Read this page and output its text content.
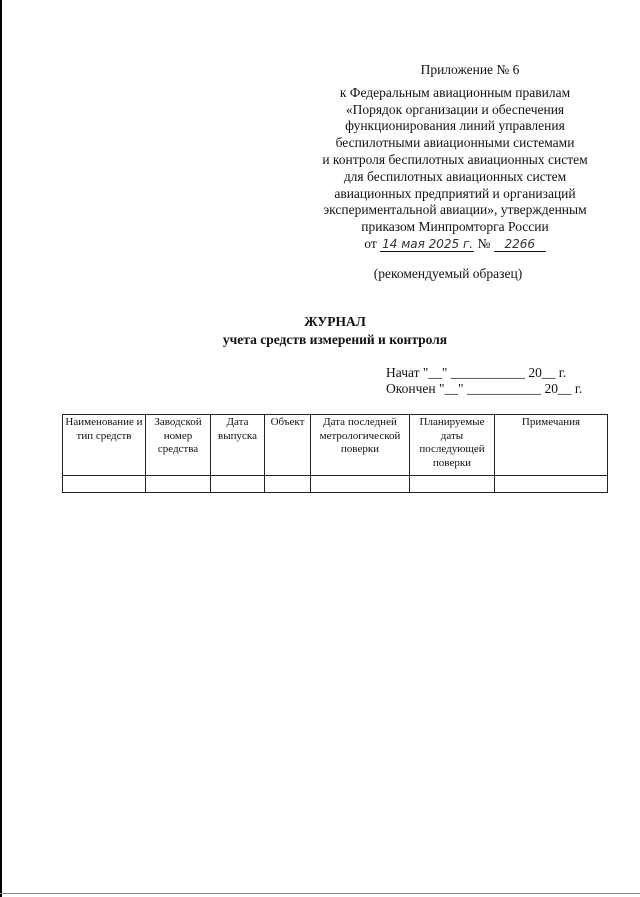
Приложение № 6
к Федеральным авиационным правилам
«Порядок организации и обеспечения
функционирования линий управления
беспилотными авиационными системами
и контроля беспилотных авиационных систем
для беспилотных авиационных систем
авиационных предприятий и организаций
экспериментальной авиации», утвержденным
приказом Минпромторга России
от 14 мая 2025 г. № 2266
(рекомендуемый образец)
ЖУРНАЛ
учета средств измерений и контроля
Начат "__" ___________ 20__ г.
Окончен "__" ___________ 20__ г.
Наименование и тип средств	Заводской номер средства	Дата выпуска	Объект	Дата последней метрологической поверки	Планируемые даты последующей поверки	Примечания
